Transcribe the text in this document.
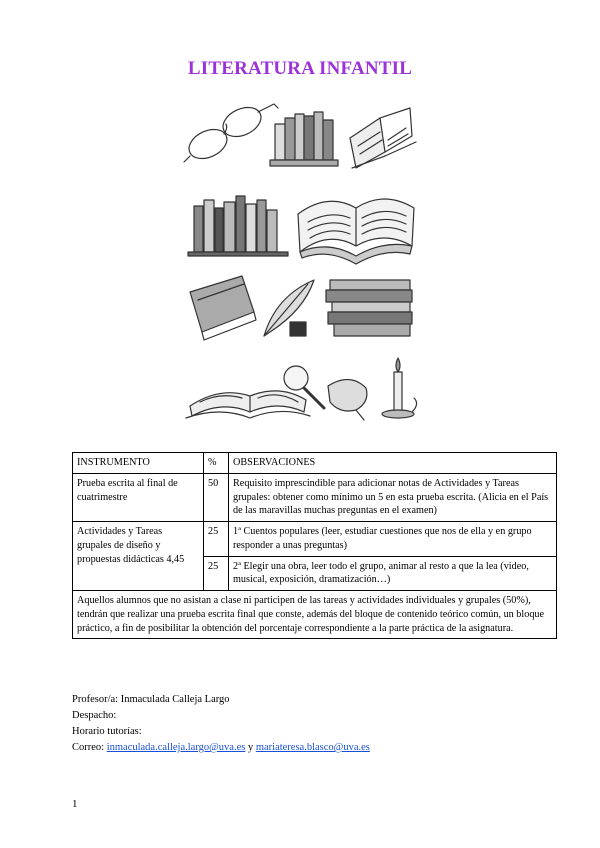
LITERATURA INFANTIL
INSTRUMENTO	%	OBSERVACIONES
Prueba escrita al final de cuatrimestre	50	Requisito imprescindible para adicionar notas de Actividades y Tareas grupales: obtener como mínimo un 5 en esta prueba escrita. (Alicia en el País de las maravillas muchas preguntas en el examen)
Actividades y Tareas grupales de diseño y propuestas didácticas 4,45	25	1ª Cuentos populares (leer, estudiar cuestiones que nos de ella y en grupo responder a unas preguntas)
	25	2ª Elegir una obra, leer todo el grupo, animar al resto a que la lea (video, musical, exposición, dramatización…)
Aquellos alumnos que no asistan a clase ni participen de las tareas y actividades individuales y grupales (50%), tendrán que realizar una prueba escrita final que conste, además del bloque de contenido teórico común, un bloque práctico, a fin de posibilitar la obtención del porcentaje correspondiente a la parte práctica de la asignatura.		
Profesor/a: Inmaculada Calleja Largo
Despacho:
Horario tutorías:
Correo: inmaculada.calleja.largo@uva.es y mariateresa.blasco@uva.es
1
